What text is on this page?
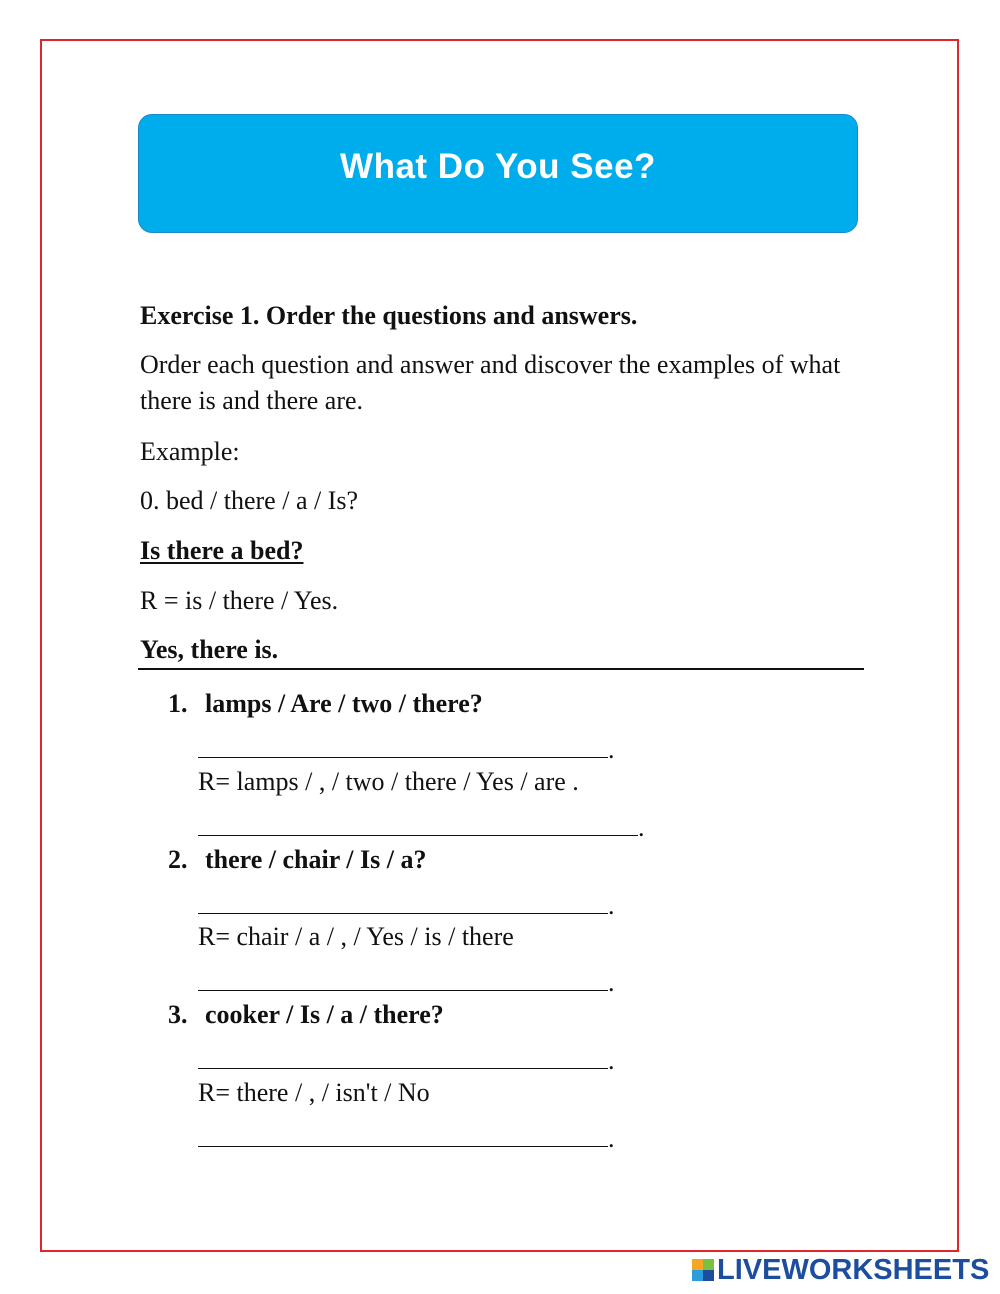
What Do You See?
Exercise 1. Order the questions and answers.
Order each question and answer and discover the examples of what there is and there are.
Example:
0. bed / there / a / Is?
Is there a bed?
R = is / there / Yes.
Yes, there is.
1. lamps / Are / two / there?
.
R= lamps / , / two / there / Yes / are .
.
2. there / chair / Is / a?
.
R= chair / a / , / Yes / is / there
.
3. cooker / Is / a / there?
.
R= there / , / isn't / No
.
LIVEWORKSHEETS
